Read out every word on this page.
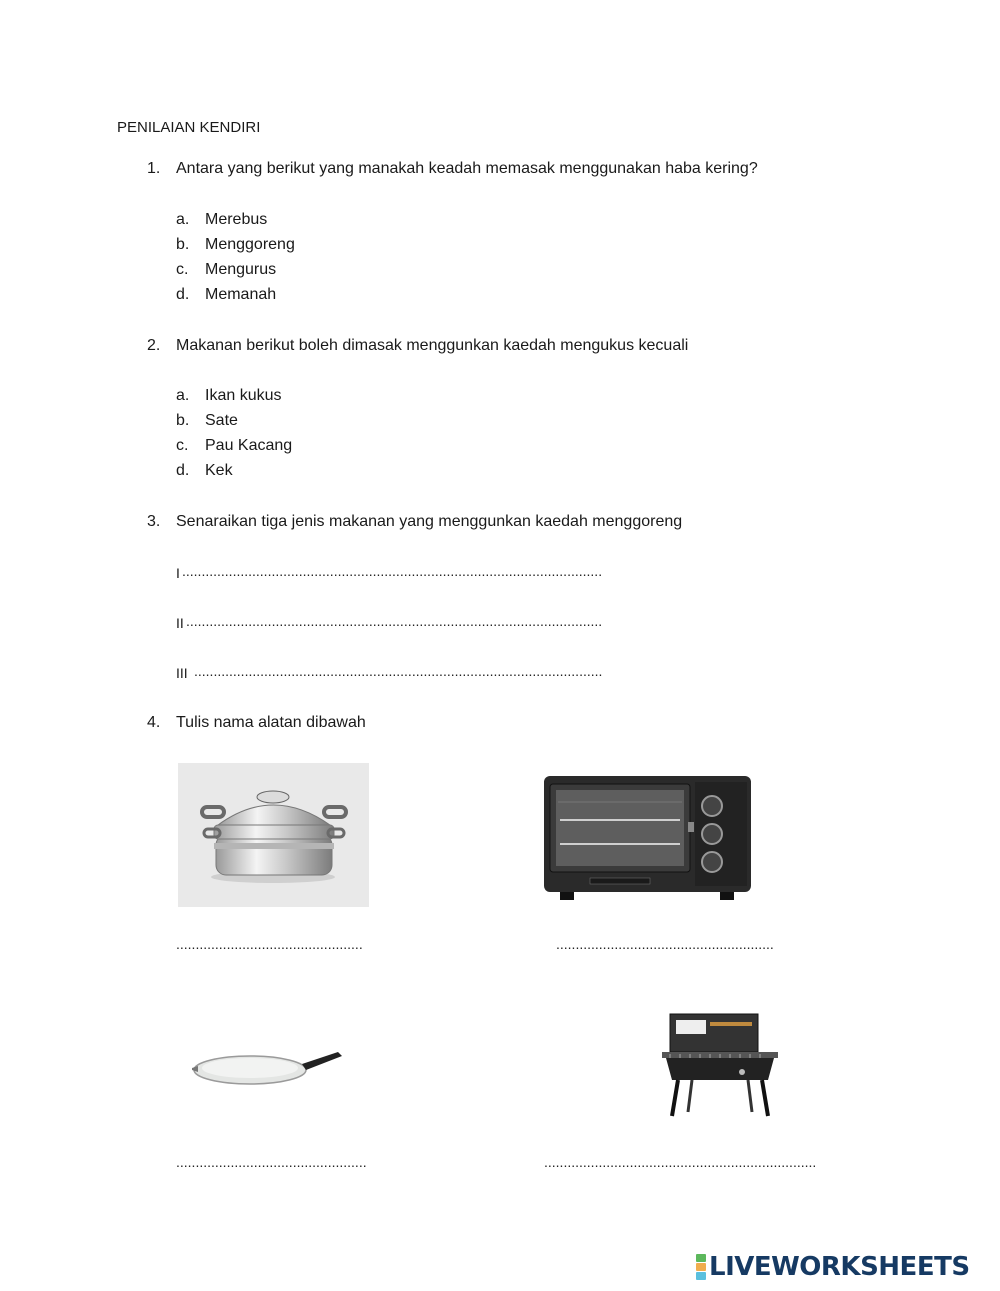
PENILAIAN KENDIRI
1. Antara yang berikut yang manakah keadah memasak menggunakan haba kering?
a. Merebus
b. Menggoreng
c. Mengurus
d. Memanah
2. Makanan berikut boleh dimasak menggunkan kaedah mengukus kecuali
a. Ikan kukus
b. Sate
c. Pau Kacang
d. Kek
3. Senaraikan tiga jenis makanan yang menggunkan kaedah menggoreng
I ............................................................................................................
II ...........................................................................................................
III .........................................................................................................
4. Tulis nama alatan dibawah
................................................	........................................................
.................................................	......................................................................
LIVEWORKSHEETS
